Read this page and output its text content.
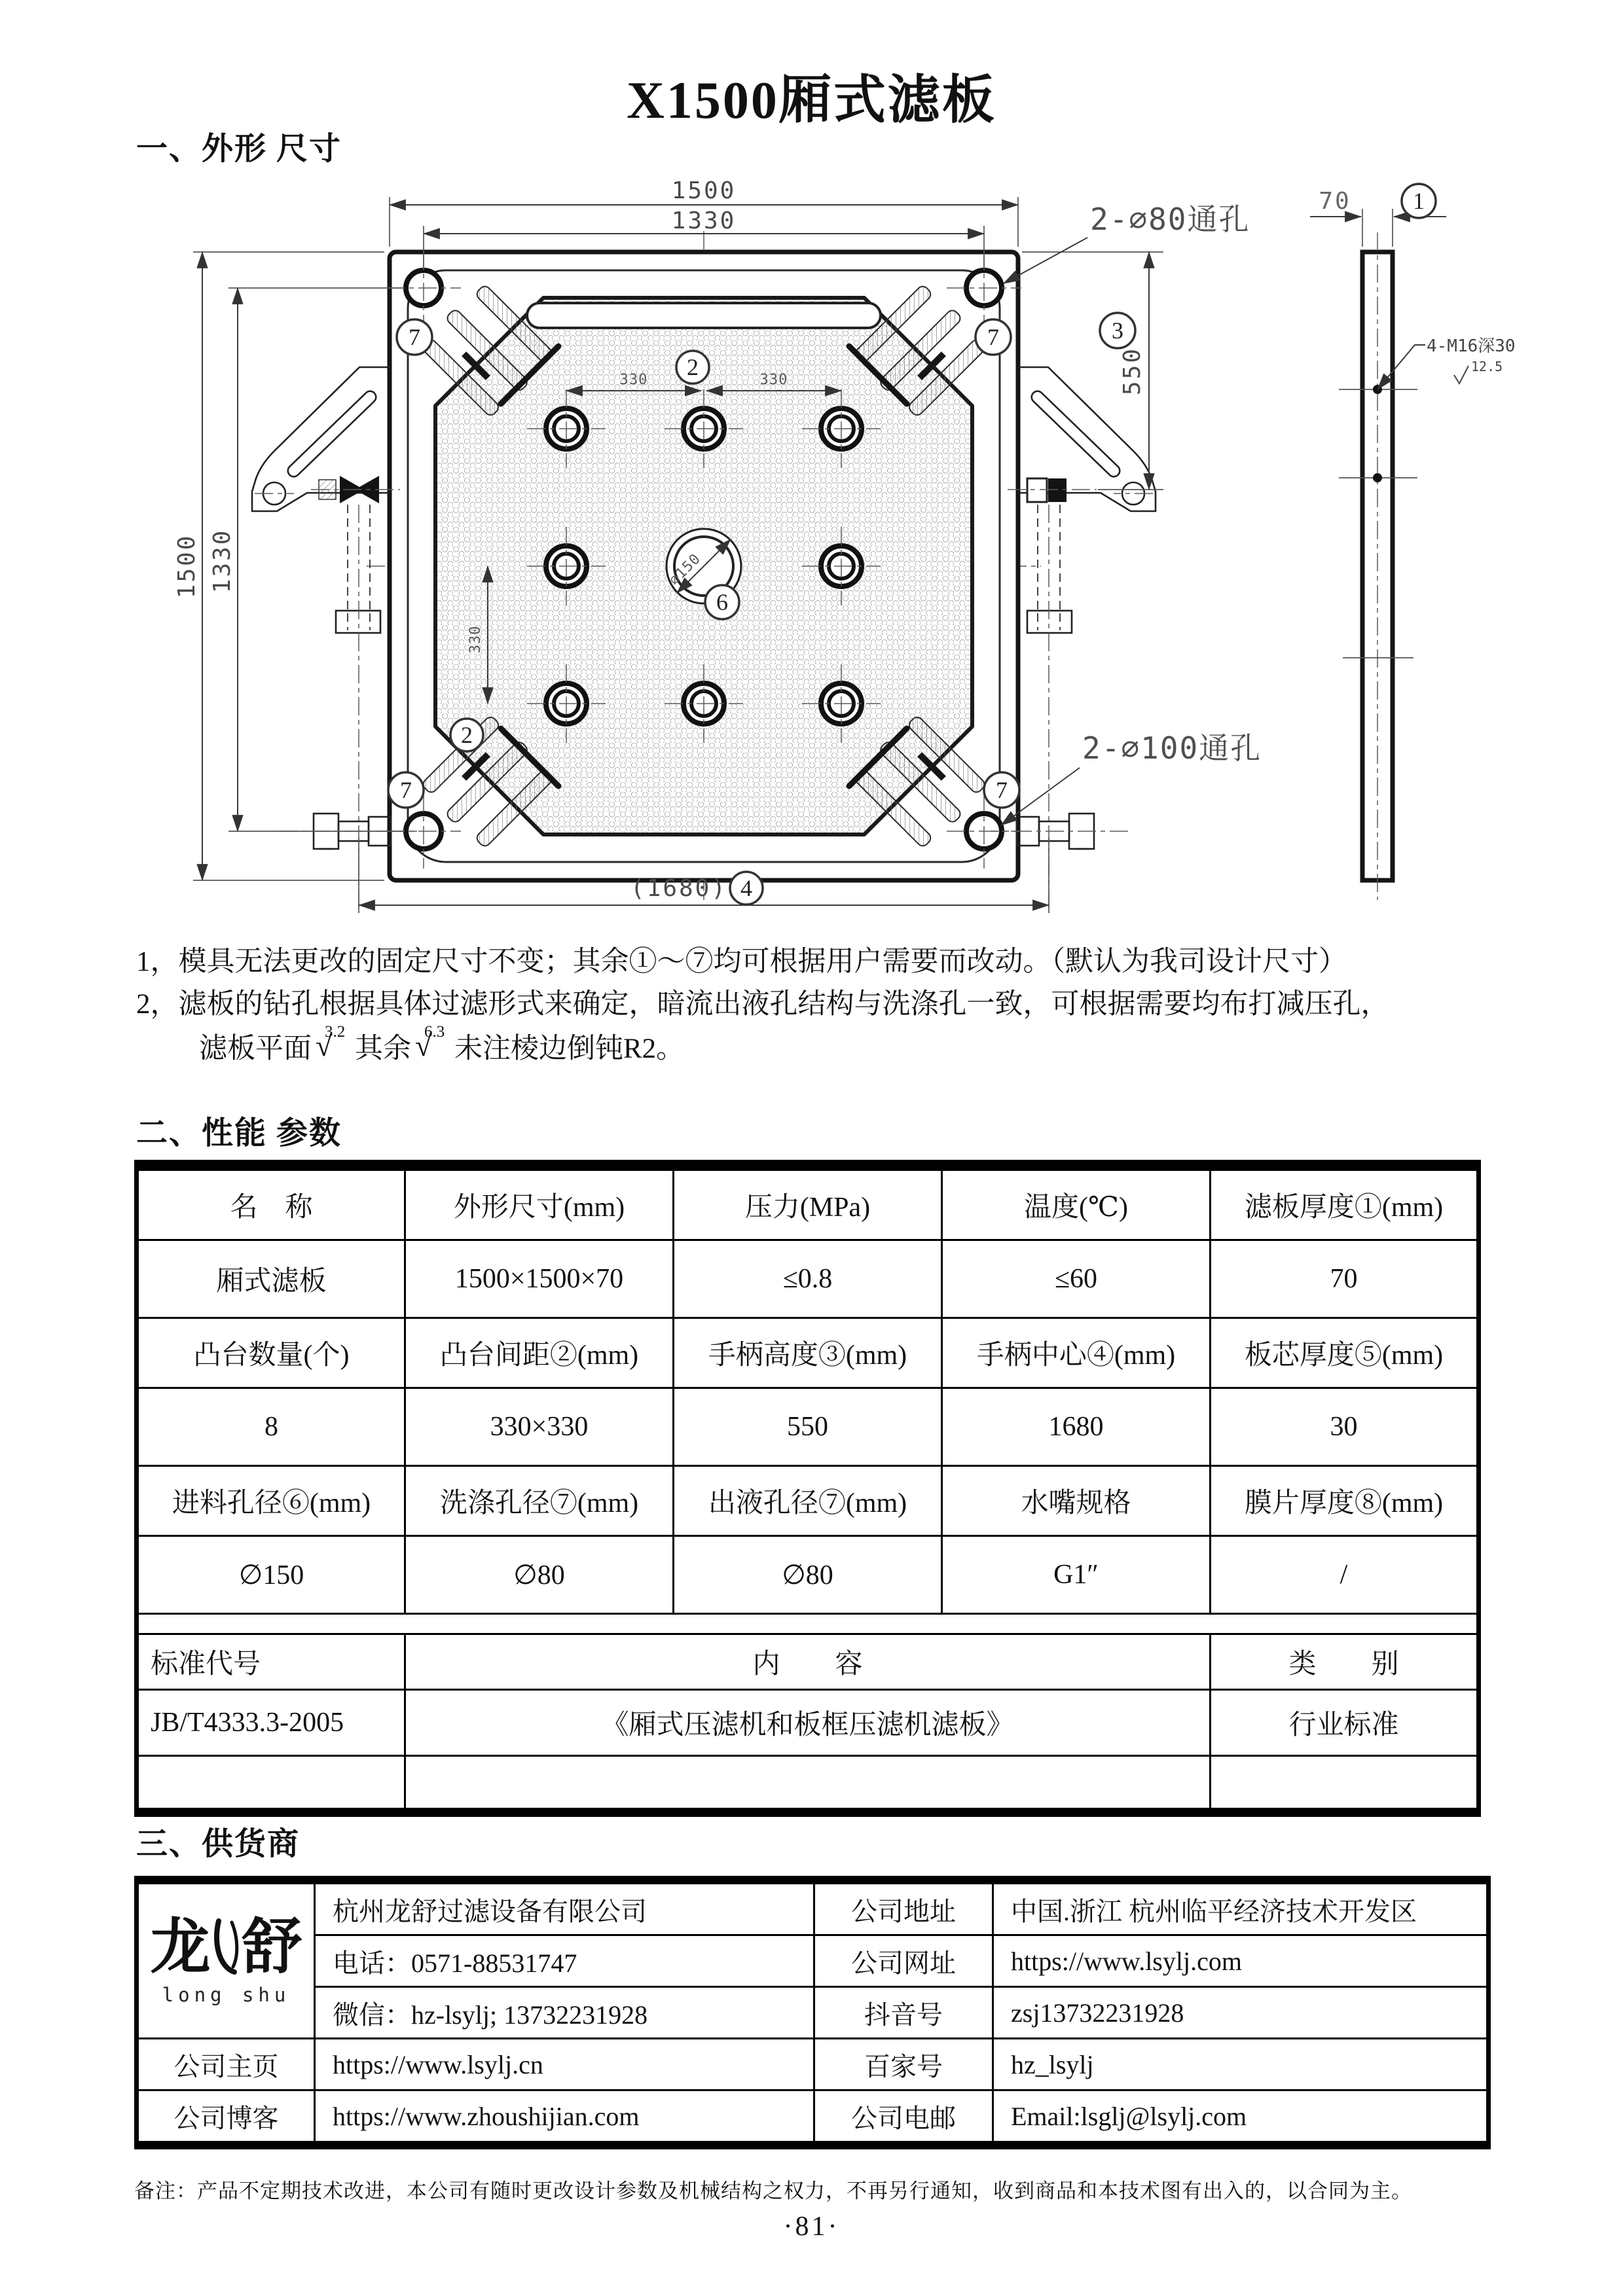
X1500厢式滤板
一、外形 尺寸
∅150
330	330
330
1500
1330
1500 1330
(1680) 4
550
3
2-∅80通孔
2-∅100通孔
7	7
7	7
2
2
6
4-M16深30
12.5
70	1
1，模具无法更改的固定尺寸不变；其余①～⑦均可根据用户需要而改动。（默认为我司设计尺寸）
2，滤板的钻孔根据具体过滤形式来确定，暗流出液孔结构与洗涤孔一致，可根据需要均布打减压孔，
滤板平面
3.2
√ 其余
6.3
√ 未注棱边倒钝R2。
二、性能 参数
名　称	外形尺寸(mm)	压力(MPa)	温度(℃)	滤板厚度①(mm)
厢式滤板	1500×1500×70	≤0.8	≤60	70
凸台数量(个)	凸台间距②(mm)	手柄高度③(mm)	手柄中心④(mm)	板芯厚度⑤(mm)
8	330×330	550	1680	30
进料孔径⑥(mm)	洗涤孔径⑦(mm)	出液孔径⑦(mm)	水嘴规格	膜片厚度⑧(mm)
∅150	∅80	∅80	G1″	/

标准代号	内　　容			类　　别
JB/T4333.3-2005	《厢式压滤机和板框压滤机滤板》			行业标准

三、供货商
龙 舒
long shu	杭州龙舒过滤设备有限公司	公司地址	中国.浙江 杭州临平经济技术开发区
	电话：0571-88531747	公司网址	https://www.lsylj.com
	微信：hz-lsylj; 13732231928	抖音号	zsj13732231928
公司主页	https://www.lsylj.cn	百家号	hz_lsylj
公司博客	https://www.zhoushijian.com	公司电邮	Email:lsglj@lsylj.com
备注：产品不定期技术改进，本公司有随时更改设计参数及机械结构之权力，不再另行通知，收到商品和本技术图有出入的，以合同为主。
·81·
